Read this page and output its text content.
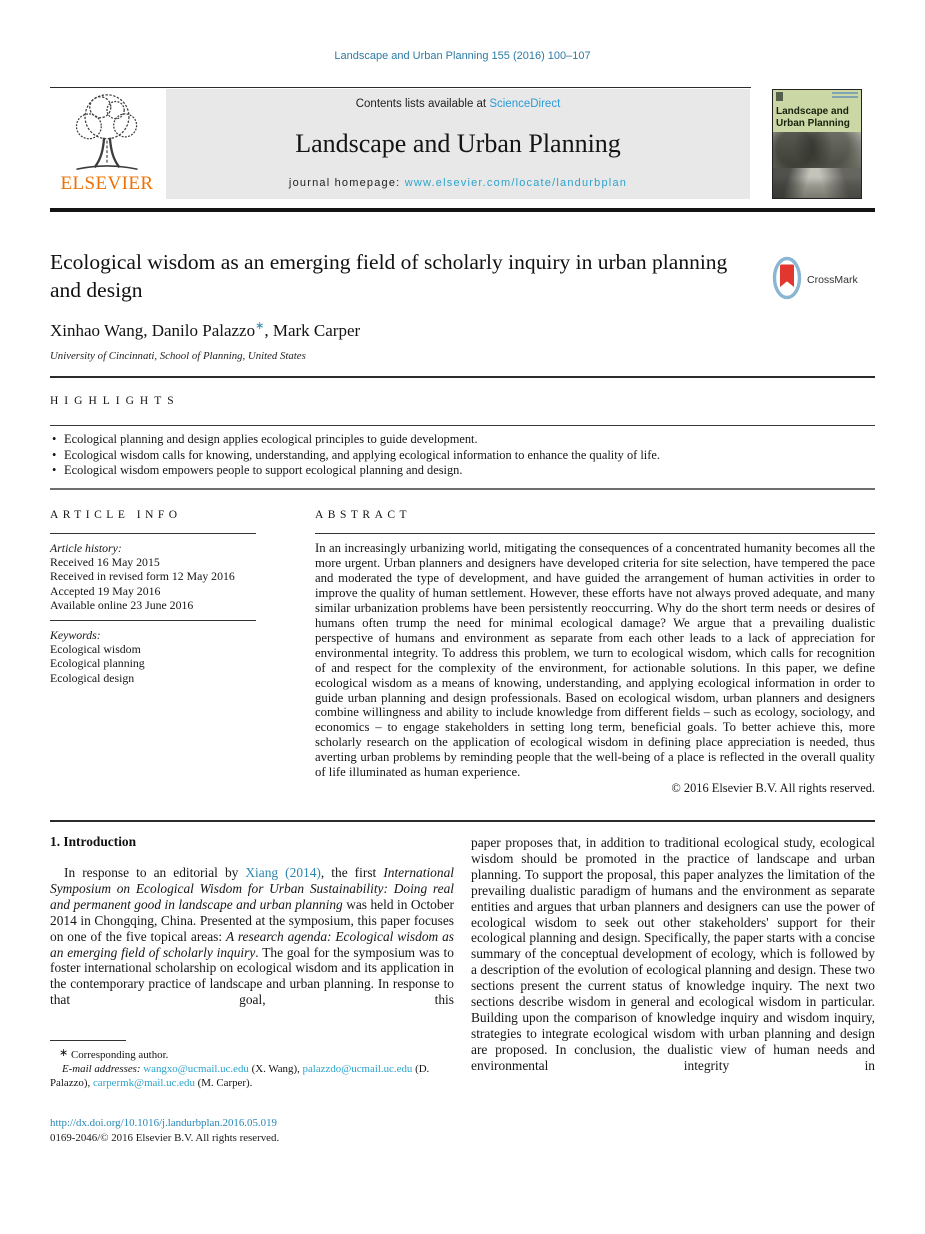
Landscape and Urban Planning 155 (2016) 100–107
ELSEVIER
Contents lists available at ScienceDirect
Landscape and Urban Planning
journal homepage: www.elsevier.com/locate/landurbplan
Landscape and
Urban Planning
Ecological wisdom as an emerging field of scholarly inquiry in urban planning and design	CrossMark
Xinhao Wang, Danilo Palazzo∗, Mark Carper
University of Cincinnati, School of Planning, United States
HIGHLIGHTS
• Ecological planning and design applies ecological principles to guide development.
• Ecological wisdom calls for knowing, understanding, and applying ecological information to enhance the quality of life.
• Ecological wisdom empowers people to support ecological planning and design.
ARTICLE INFO	ABSTRACT
Article history:
Received 16 May 2015
Received in revised form 12 May 2016
Accepted 19 May 2016
Available online 23 June 2016
Keywords:
Ecological wisdom
Ecological planning
Ecological design

In an increasingly urbanizing world, mitigating the consequences of a concentrated humanity becomes all the more urgent. Urban planners and designers have developed criteria for site selection, have tempered the pace and moderated the type of development, and have guided the arrangement of human activities in order to improve the quality of human settlement. However, these efforts have not always proved adequate, and many similar urbanization problems have been persistently reoccurring. Why do the short term needs or desires of humans often trump the need for minimal ecological damage? We argue that a prevailing dualistic perspective of humans and environment as separate from each other leads to a lack of appreciation for environmental integrity. To address this problem, we turn to ecological wisdom, which calls for recognition of and respect for the complexity of the environment, for actionable solutions. In this paper, we define ecological wisdom as a means of knowing, understanding, and applying ecological information in order to guide urban planning and design professionals. Based on ecological wisdom, urban planners and designers combine willingness and ability to include knowledge from different fields – such as ecology, sociology, and economics – to engage stakeholders in setting long term, beneficial goals. To better achieve this, more scholarly research on the application of ecological wisdom in defining place appreciation is needed, thus averting urban problems by reminding people that the well-being of a place is reflected in the overall quality of life illuminated as human experience.

© 2016 Elsevier B.V. All rights reserved.
1. Introduction
In response to an editorial by Xiang (2014), the first International Symposium on Ecological Wisdom for Urban Sustainability: Doing real and permanent good in landscape and urban planning was held in October 2014 in Chongqing, China. Presented at the symposium, this paper focuses on one of the five topical areas: A research agenda: Ecological wisdom as an emerging field of scholarly inquiry. The goal for the symposium was to foster international scholarship on ecological wisdom and its application in the contemporary practice of landscape and urban planning. In response to that goal, this
paper proposes that, in addition to traditional ecological study, ecological wisdom should be promoted in the practice of landscape and urban planning. To support the proposal, this paper analyzes the limitation of the prevailing dualistic paradigm of humans and the environment as separate entities and argues that urban planners and designers can use the power of ecological wisdom to seek out other stakeholders' support for their ecological planning and design. Specifically, the paper starts with a concise summary of the conceptual development of ecology, which is followed by a description of the evolution of ecological planning and design. These two sections present the current status of knowledge inquiry. The next two sections describe wisdom in general and ecological wisdom in particular. Building upon the comparison of knowledge inquiry and wisdom inquiry, strategies to integrate ecological wisdom with urban planning and design are proposed. In conclusion, the dualistic view of human needs and environmental integrity in
∗ Corresponding author.
E-mail addresses: wangxo@ucmail.uc.edu (X. Wang), palazzdo@ucmail.uc.edu (D. Palazzo), carpermk@mail.uc.edu (M. Carper).
http://dx.doi.org/10.1016/j.landurbplan.2016.05.019
0169-2046/© 2016 Elsevier B.V. All rights reserved.
